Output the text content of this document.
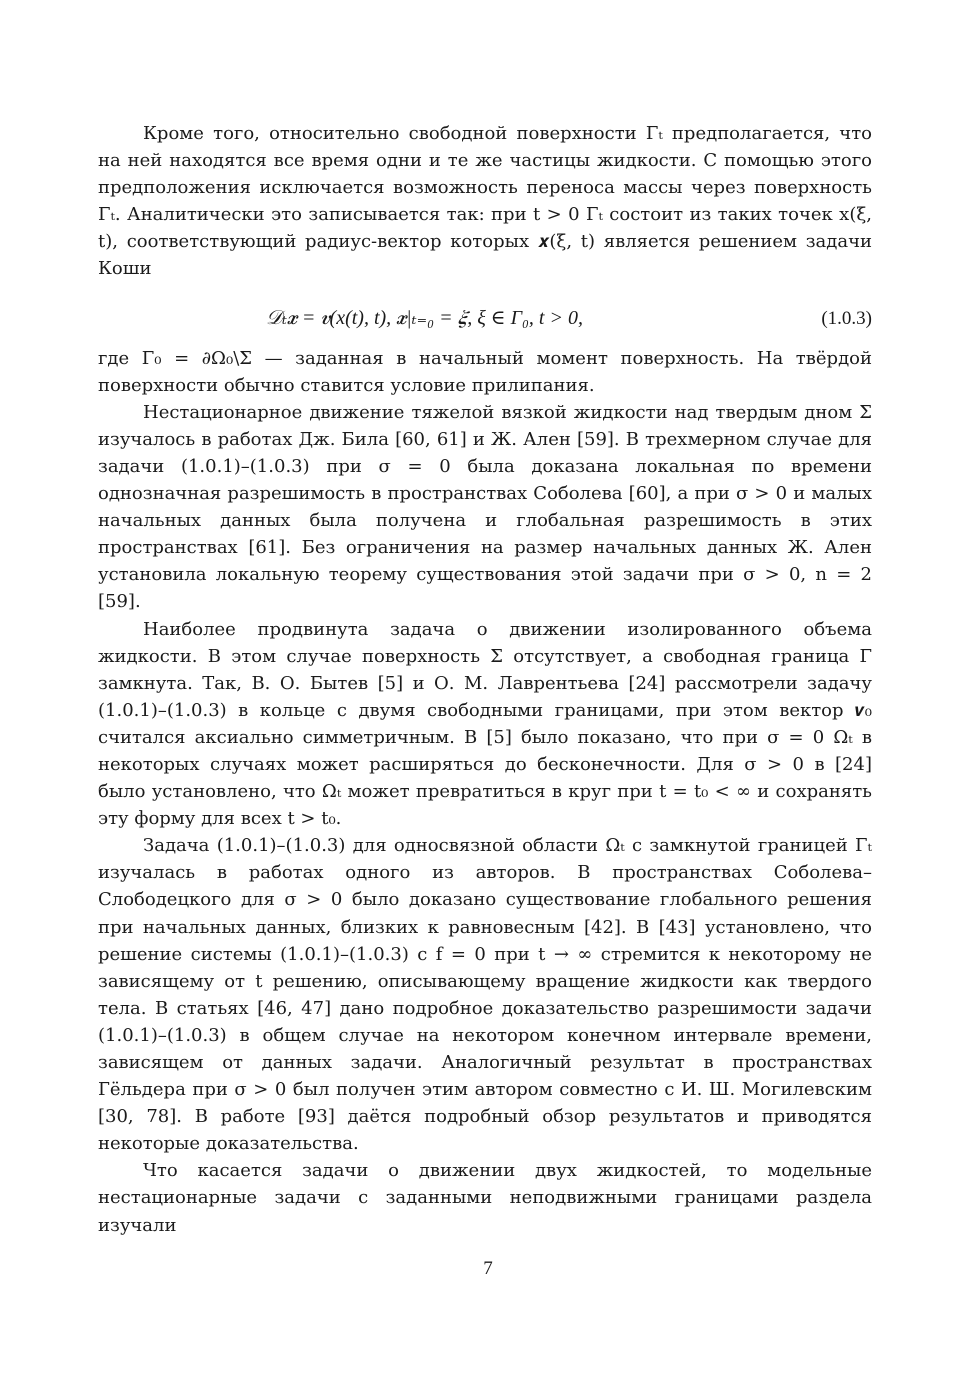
Кроме того, относительно свободной поверхности Γₜ предполагается, что на ней находятся все время одни и те же частицы жидкости. С помощью этого предположения исключается возможность переноса массы через поверхность Γₜ. Аналитически это записывается так: при t > 0 Γₜ состоит из таких точек x(ξ, t), соответствующий радиус-вектор которых 𝒙(ξ, t) является решением задачи Коши

𝒟ₜ𝒙 = 𝒗(x(t), t), 𝒙|ₜ₌₀ = 𝝃, ξ ∈ Γ₀, t > 0,	(1.0.3)

где Γ₀ = ∂Ω₀\Σ — заданная в начальный момент поверхность. На твёрдой поверхности обычно ставится условие прилипания.

Нестационарное движение тяжелой вязкой жидкости над твердым дном Σ изучалось в работах Дж. Била [60, 61] и Ж. Ален [59]. В трехмерном случае для задачи (1.0.1)–(1.0.3) при σ = 0 была доказана локальная по времени однозначная разрешимость в пространствах Соболева [60], а при σ > 0 и малых начальных данных была получена и глобальная разрешимость в этих пространствах [61]. Без ограничения на размер начальных данных Ж. Ален установила локальную теорему существования этой задачи при σ > 0, n = 2 [59].

Наиболее продвинута задача о движении изолированного объема жидкости. В этом случае поверхность Σ отсутствует, а свободная граница Γ замкнута. Так, В. О. Бытев [5] и О. М. Лаврентьева [24] рассмотрели задачу (1.0.1)–(1.0.3) в кольце с двумя свободными границами, при этом вектор 𝒗₀ считался аксиально симметричным. В [5] было показано, что при σ = 0 Ωₜ в некоторых случаях может расширяться до бесконечности. Для σ > 0 в [24] было установлено, что Ωₜ может превратиться в круг при t = t₀ < ∞ и сохранять эту форму для всех t > t₀.

Задача (1.0.1)–(1.0.3) для односвязной области Ωₜ с замкнутой границей Γₜ изучалась в работах одного из авторов. В пространствах Соболева–Слободецкого для σ > 0 было доказано существование глобального решения при начальных данных, близких к равновесным [42]. В [43] установлено, что решение системы (1.0.1)–(1.0.3) с f = 0 при t → ∞ стремится к некоторому не зависящему от t решению, описывающему вращение жидкости как твердого тела. В статьях [46, 47] дано подробное доказательство разрешимости задачи (1.0.1)–(1.0.3) в общем случае на некотором конечном интервале времени, зависящем от данных задачи. Аналогичный результат в пространствах Гёльдера при σ > 0 был получен этим автором совместно с И. Ш. Могилевским [30, 78]. В работе [93] даётся подробный обзор результатов и приводятся некоторые доказательства.

Что касается задачи о движении двух жидкостей, то модельные нестационарные задачи с заданными неподвижными границами раздела изучали

7
